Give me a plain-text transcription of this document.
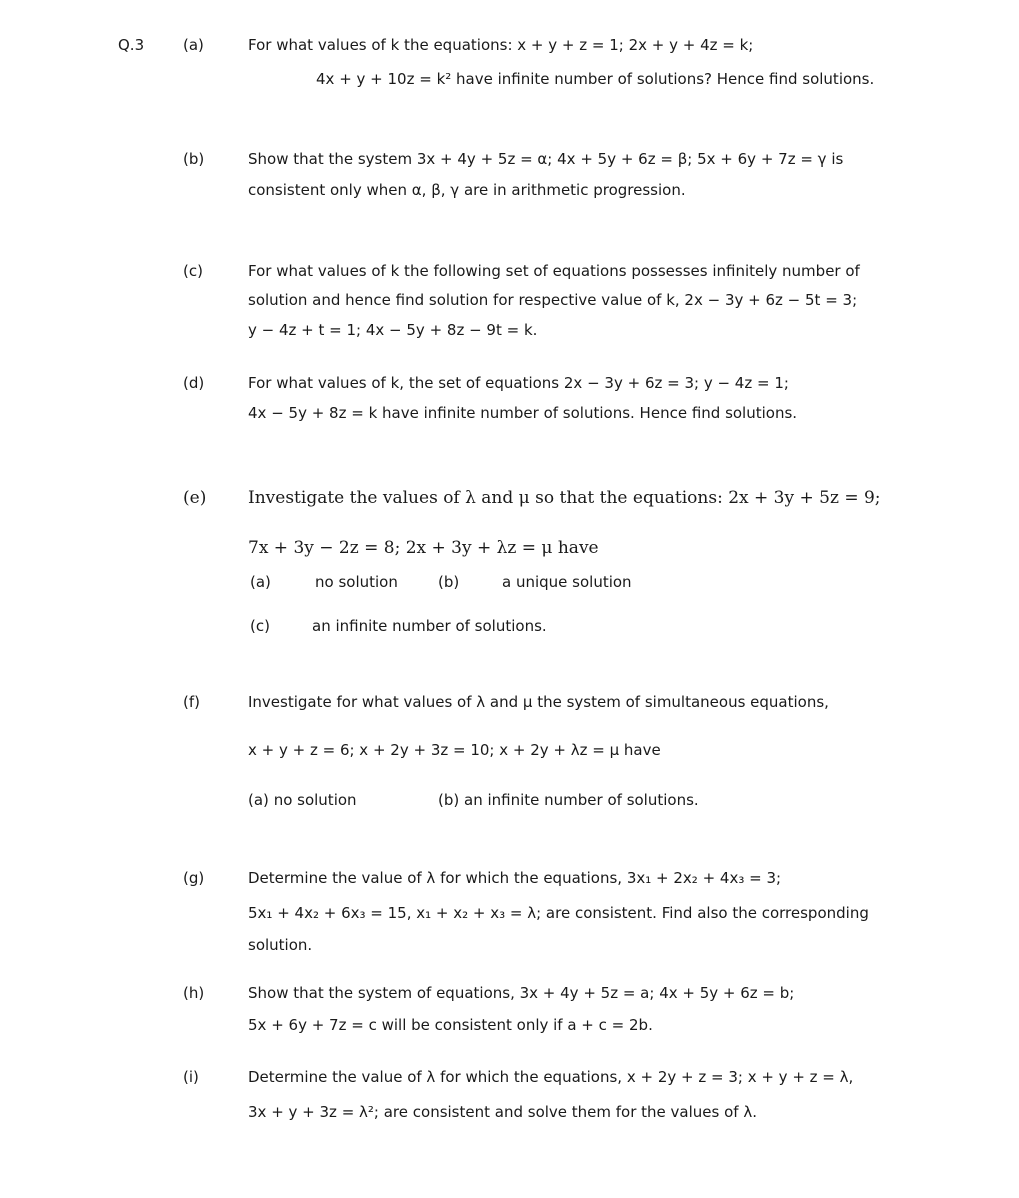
Q.3	(a)	For what values of k the equations: x + y + z = 1; 2x + y + 4z = k;
4x + y + 10z = k² have infinite number of solutions? Hence find solutions.
(b)	Show that the system 3x + 4y + 5z = α; 4x + 5y + 6z = β; 5x + 6y + 7z = γ is
consistent only when α, β, γ are in arithmetic progression.
(c)	For what values of k the following set of equations possesses infinitely number of
solution and hence find solution for respective value of k, 2x − 3y + 6z − 5t = 3;
y − 4z + t = 1; 4x − 5y + 8z − 9t = k.
(d)	For what values of k, the set of equations 2x − 3y + 6z = 3; y − 4z = 1;
4x − 5y + 8z = k have infinite number of solutions. Hence find solutions.
(e) Investigate the values of λ and μ so that the equations: 2x + 3y + 5z = 9;
7x + 3y − 2z = 8; 2x + 3y + λz = μ have
(a)	no solution	(b)	a unique solution
(c)	an infinite number of solutions.
(f)	Investigate for what values of λ and μ the system of simultaneous equations,
x + y + z = 6; x + 2y + 3z = 10; x + 2y + λz = μ have
(a) no solution	(b) an infinite number of solutions.
(g)	Determine the value of λ for which the equations, 3x₁ + 2x₂ + 4x₃ = 3;
5x₁ + 4x₂ + 6x₃ = 15, x₁ + x₂ + x₃ = λ; are consistent. Find also the corresponding
solution.
(h)	Show that the system of equations, 3x + 4y + 5z = a; 4x + 5y + 6z = b;
5x + 6y + 7z = c will be consistent only if a + c = 2b.
(i)	Determine the value of λ for which the equations, x + 2y + z = 3; x + y + z = λ,
3x + y + 3z = λ²; are consistent and solve them for the values of λ.
